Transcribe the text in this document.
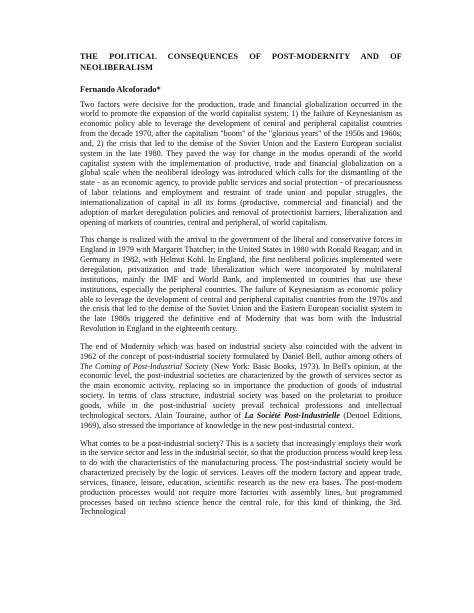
THE POLITICAL CONSEQUENCES OF POST-MODERNITY AND OF NEOLIBERALISM
Fernando Alcoforado*

Two factors were decisive for the production, trade and financial globalization occurred in the world to promote the expansion of the world capitalist system: 1) the failure of Keynesianism as economic policy able to leverage the development of central and peripheral capitalist countries from the decade 1970, after the capitalism "boom" of the "glorious years" of the 1950s and 1960s; and, 2) the crisis that led to the demise of the Soviet Union and the Eastern European socialist system in the late 1980. They paved the way for change in the modus operandi of the world capitalist system with the implementation of productive, trade and financial globalization on a global scale when the neoliberal ideology was introduced which calls for the dismantling of the state - as an economic agency, to provide public services and social protection - of precariousness of labor relations and employment and restraint of trade union and popular struggles, the internationalization of capital in all its forms (productive, commercial and financial) and the adoption of market deregulation policies and removal of protectionist barriers, liberalization and opening of markets of countries, central and peripheral, of world capitalism.

This change is realized with the arrival to the government of the liberal and conservative forces in England in 1979 with Margaret Thatcher; in the United States in 1980 with Ronald Reagan; and in Germany in 1982, with Helmut Kohl. In England, the first neoliberal policies implemented were deregulation, privatization and trade liberalization which were incorporated by multilateral institutions, mainly the IMF and World Bank, and implemented in countries that use these institutions, especially the peripheral countries. The failure of Keynesianism as economic policy able to leverage the development of central and peripheral capitalist countries from the 1970s and the crisis that led to the demise of the Soviet Union and the Eastern European socialist system in the late 1980s triggered the definitive end of Modernity that was born with the Industrial Revolution in England in the eighteenth century.

The end of Modernity which was based on industrial society also coincided with the advent in 1962 of the concept of post-industrial society formulated by Daniel Bell, author among others of The Coming of Post-Industrial Society (New York: Basic Books, 1973). In Bell's opinion, at the economic level, the post-industrial societies are characterized by the growth of services sector as the main economic activity, replacing so in importance the production of goods of industrial society. In terms of class structure, industrial society was based on the proletariat to produce goods, while in the post-industrial society prevail technical professions and intellectual technological sectors. Alain Touraine, author of La Société Post-Industrielle (Denoel Editions, 1969), also stressed the importance of knowledge in the new post-industrial context.

What comes to be a post-industrial society? This is a society that increasingly employs their work in the service sector and less in the industrial sector, so that the production process would keep less to do with the characteristics of the manufacturing process. The post-industrial society would be characterized precisely by the logic of services. Leaves off the modern factory and appear trade, services, finance, leisure, education, scientific research as the new era bases. The post-modern production processes would not require more factories with assembly lines, but programmed processes based on techno science hence the central role, for this kind of thinking, the 3rd. Technological
